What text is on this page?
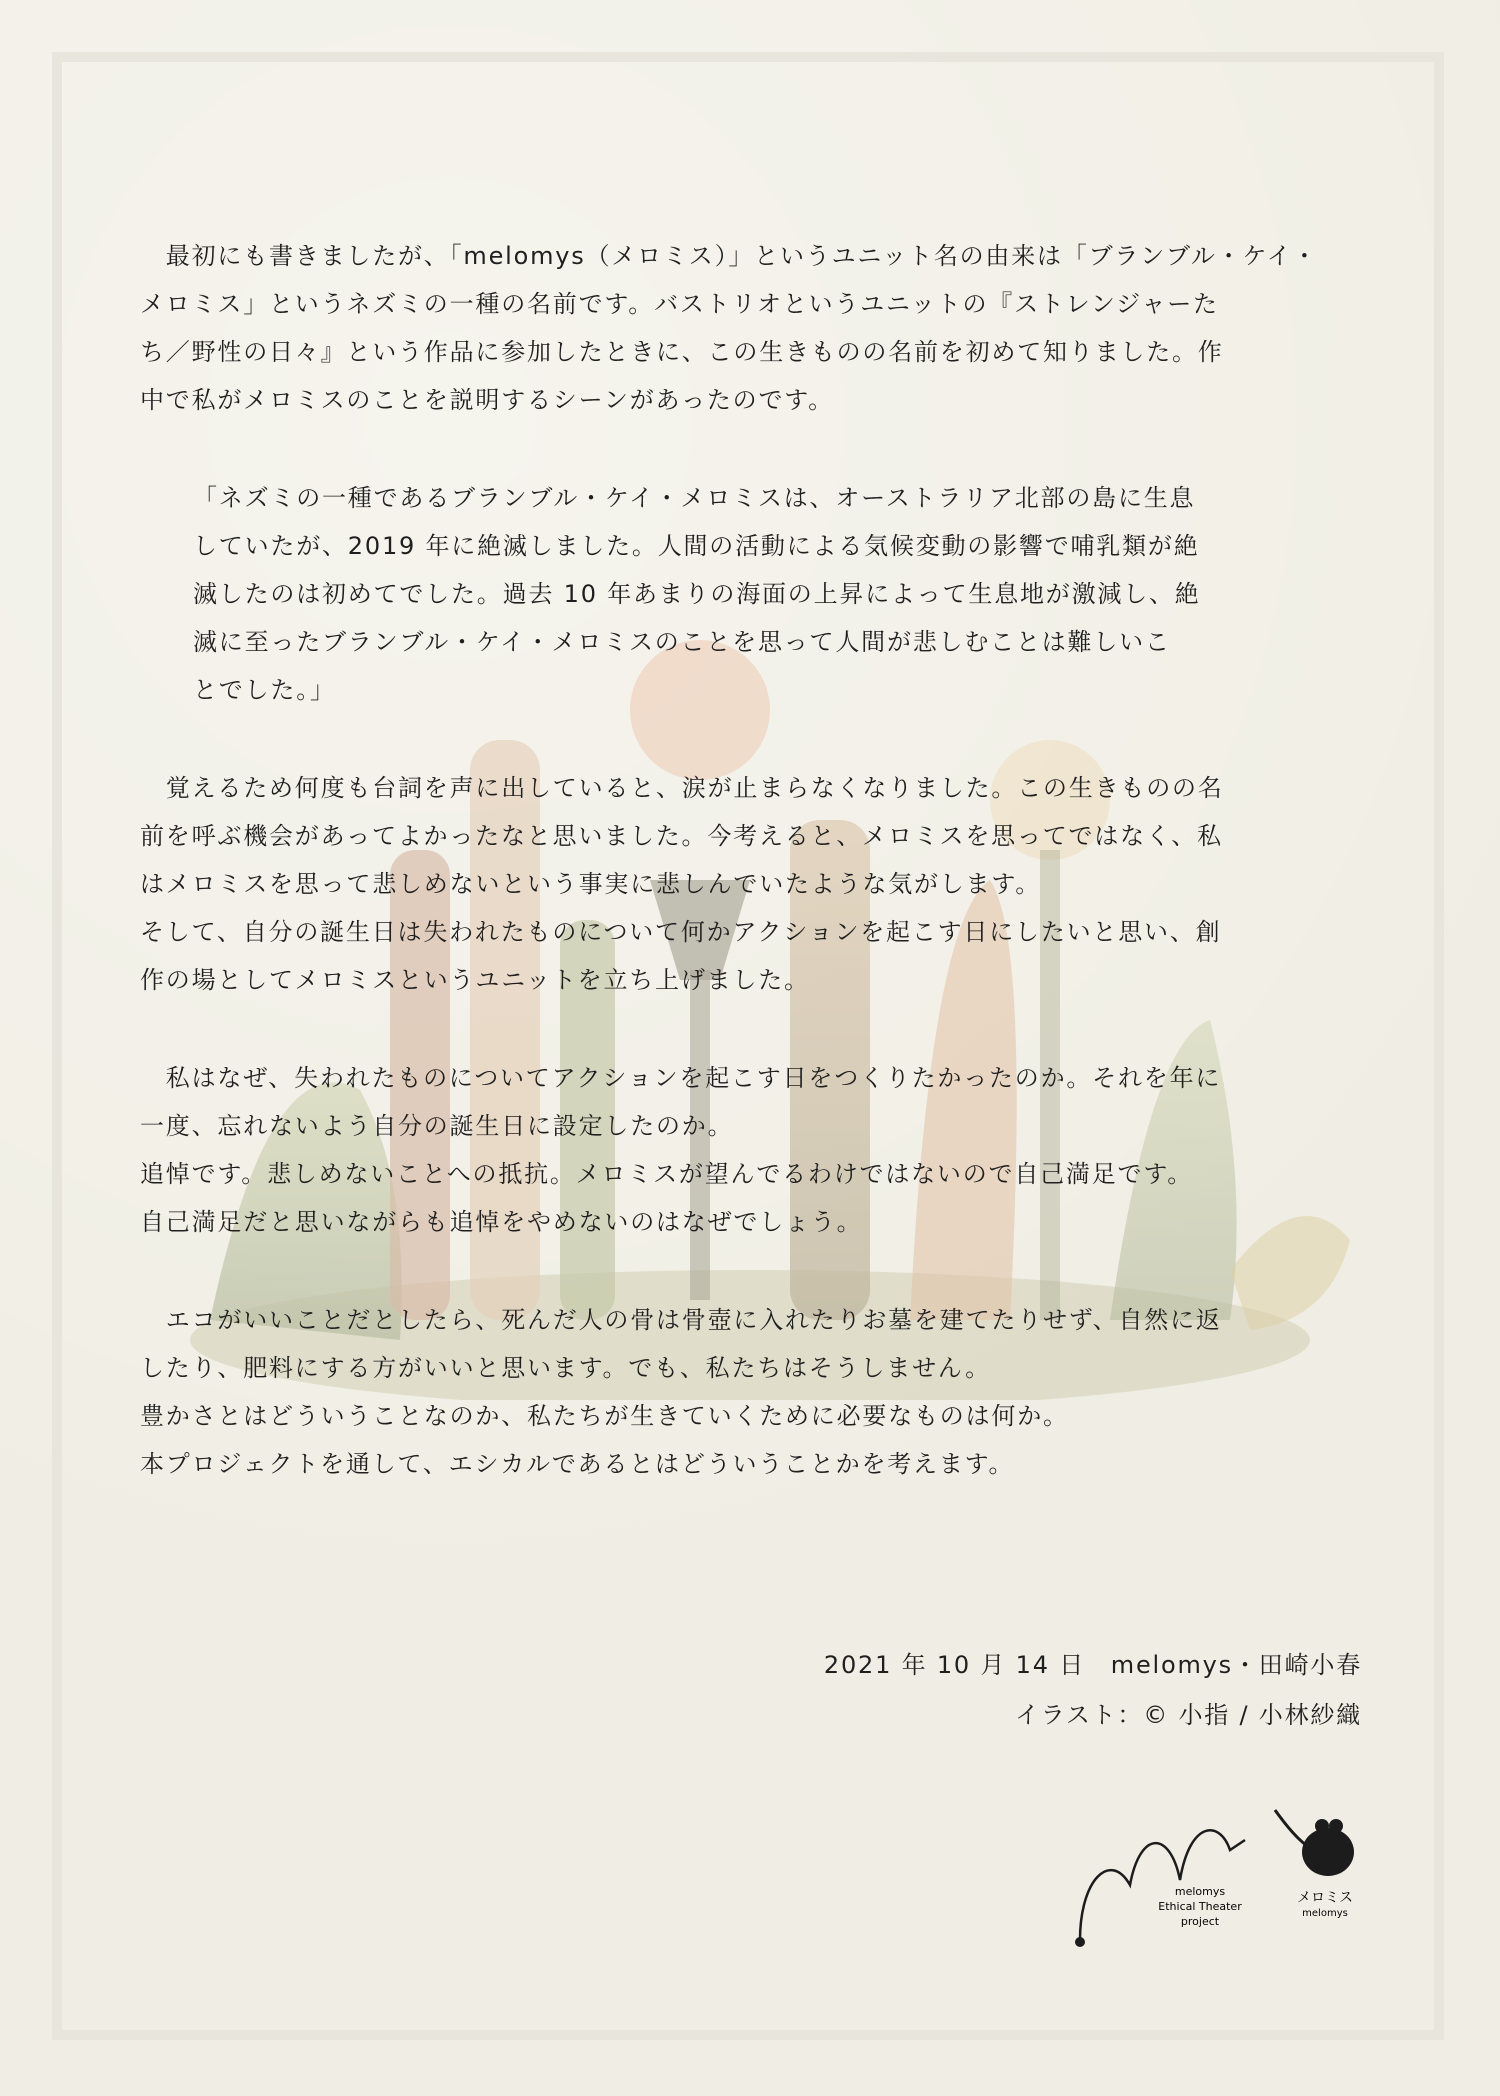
　最初にも書きましたが、「melomys（メロミス）」というユニット名の由来は「ブランブル・ケイ・
メロミス」というネズミの一種の名前です。バストリオというユニットの『ストレンジャーた
ち／野性の日々』という作品に参加したときに、この生きものの名前を初めて知りました。作
中で私がメロミスのことを説明するシーンがあったのです。

「ネズミの一種であるブランブル・ケイ・メロミスは、オーストラリア北部の島に生息
していたが、2019 年に絶滅しました。人間の活動による気候変動の影響で哺乳類が絶
滅したのは初めてでした。過去 10 年あまりの海面の上昇によって生息地が激減し、絶
滅に至ったブランブル・ケイ・メロミスのことを思って人間が悲しむことは難しいこ
とでした。」

　覚えるため何度も台詞を声に出していると、涙が止まらなくなりました。この生きものの名
前を呼ぶ機会があってよかったなと思いました。今考えると、メロミスを思ってではなく、私
はメロミスを思って悲しめないという事実に悲しんでいたような気がします。
そして、自分の誕生日は失われたものについて何かアクションを起こす日にしたいと思い、創
作の場としてメロミスというユニットを立ち上げました。

　私はなぜ、失われたものについてアクションを起こす日をつくりたかったのか。それを年に
一度、忘れないよう自分の誕生日に設定したのか。
追悼です。悲しめないことへの抵抗。メロミスが望んでるわけではないので自己満足です。
自己満足だと思いながらも追悼をやめないのはなぜでしょう。

　エコがいいことだとしたら、死んだ人の骨は骨壺に入れたりお墓を建てたりせず、自然に返
したり、肥料にする方がいいと思います。でも、私たちはそうしません。
豊かさとはどういうことなのか、私たちが生きていくために必要なものは何か。
本プロジェクトを通して、エシカルであるとはどういうことかを考えます。

2021 年 10 月 14 日　melomys・田崎小春
イラスト：© 小指 / 小林紗織
melomys
Ethical Theater
project
メロミス
melomys
